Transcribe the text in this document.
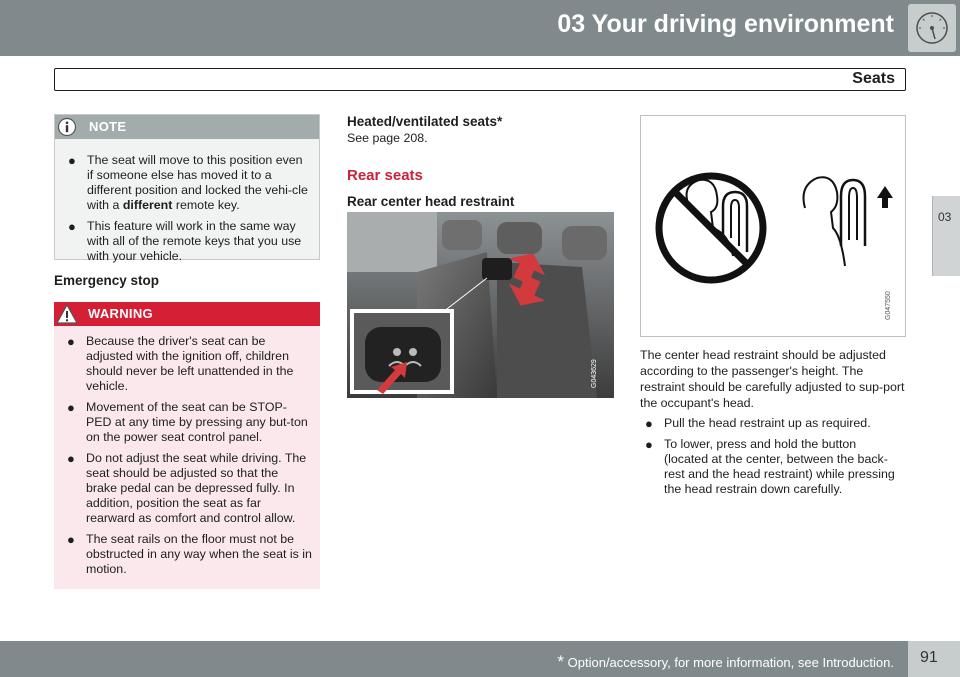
03 Your driving environment
Seats
03
NOTE
● The seat will move to this position even if someone else has moved it to a different position and locked the vehi-cle with a different remote key.
● This feature will work in the same way with all of the remote keys that you use with your vehicle.
Emergency stop
WARNING
● Because the driver's seat can be adjusted with the ignition off, children should never be left unattended in the vehicle.
● Movement of the seat can be STOP-PED at any time by pressing any but-ton on the power seat control panel.
● Do not adjust the seat while driving. The seat should be adjusted so that the brake pedal can be depressed fully. In addition, position the seat as far rearward as comfort and control allow.
● The seat rails on the floor must not be obstructed in any way when the seat is in motion.
Heated/ventilated seats*
See page 208.
Rear seats
Rear center head restraint
G043629
G047550
The center head restraint should be adjusted according to the passenger's height. The restraint should be carefully adjusted to sup-port the occupant's head.
● Pull the head restraint up as required.
● To lower, press and hold the button (located at the center, between the back-rest and the head restraint) while pressing the head restrain down carefully.
* Option/accessory, for more information, see Introduction. 91
